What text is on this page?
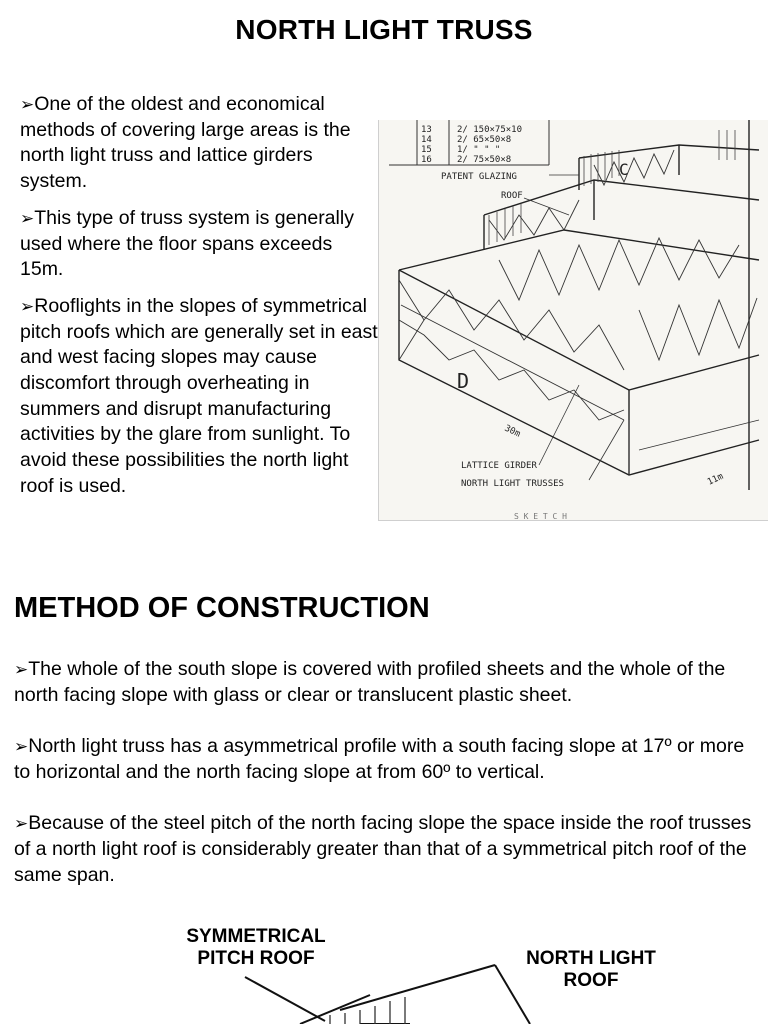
NORTH LIGHT TRUSS

➢One of the oldest and economical methods of covering large areas is the north light truss and lattice girders system.

➢This type of truss system is generally used where the floor spans exceeds 15m.

➢Rooflights in the slopes of symmetrical pitch roofs which are generally set in east and west facing slopes may cause discomfort through overheating in summers and disrupt manufacturing activities by the glare from sunlight. To avoid these possibilities the north light roof is used.

13	2/ 150×75×10
14	2/ 65×50×8
15	1/ " " "
16	2/ 75×50×8
PATENT GLAZING
ROOF
LATTICE GIRDER
NORTH LIGHT TRUSSES
30m
11m
C
D
S K E T C H
METHOD OF CONSTRUCTION

➢The whole of the south slope is covered with profiled sheets and the whole of the north facing slope with glass or clear or translucent plastic sheet.

➢North light truss has a asymmetrical profile with a south facing slope at 17º or more to horizontal and the north facing slope at from 60º to vertical.

➢Because of the steel pitch of the north facing slope the space inside the roof trusses of a north light roof is considerably greater than that of a symmetrical pitch roof of the same span.

SYMMETRICAL PITCH ROOF	NORTH LIGHT ROOF
